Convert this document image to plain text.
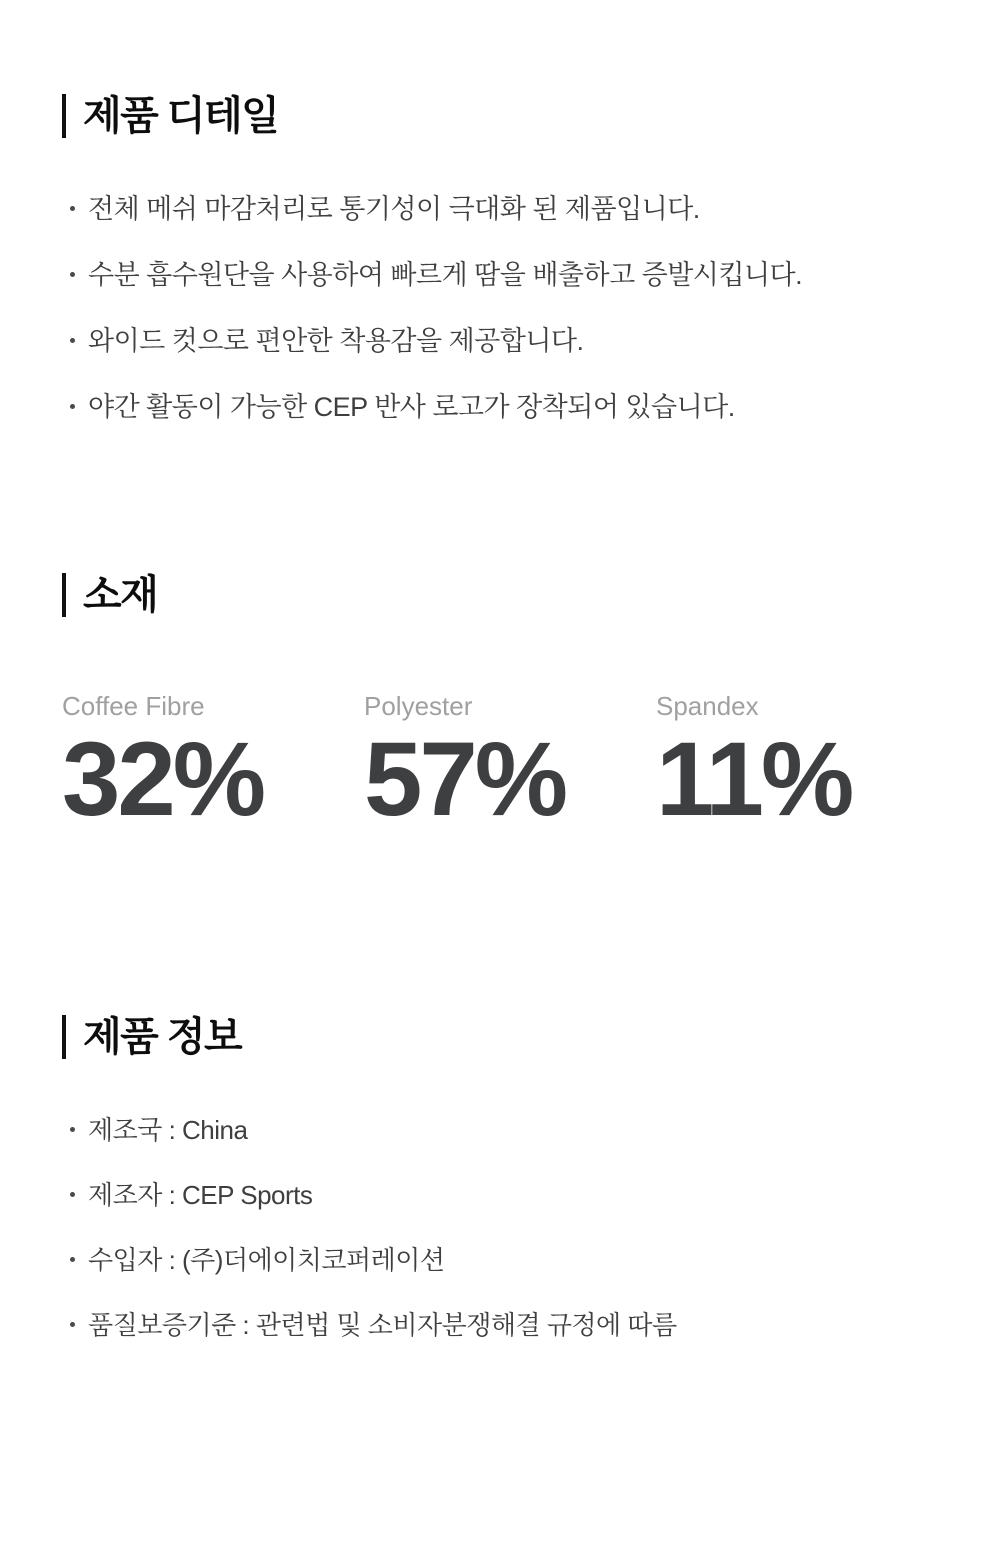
제품 디테일
전체 메쉬 마감처리로 통기성이 극대화 된 제품입니다.
수분 흡수원단을 사용하여 빠르게 땀을 배출하고 증발시킵니다.
와이드 컷으로 편안한 착용감을 제공합니다.
야간 활동이 가능한 CEP 반사 로고가 장착되어 있습니다.
소재
Coffee Fibre
32%
Polyester
57%
Spandex
11%
제품 정보
제조국 : China
제조자 : CEP Sports
수입자 : (주)더에이치코퍼레이션
품질보증기준 : 관련법 및 소비자분쟁해결 규정에 따름
